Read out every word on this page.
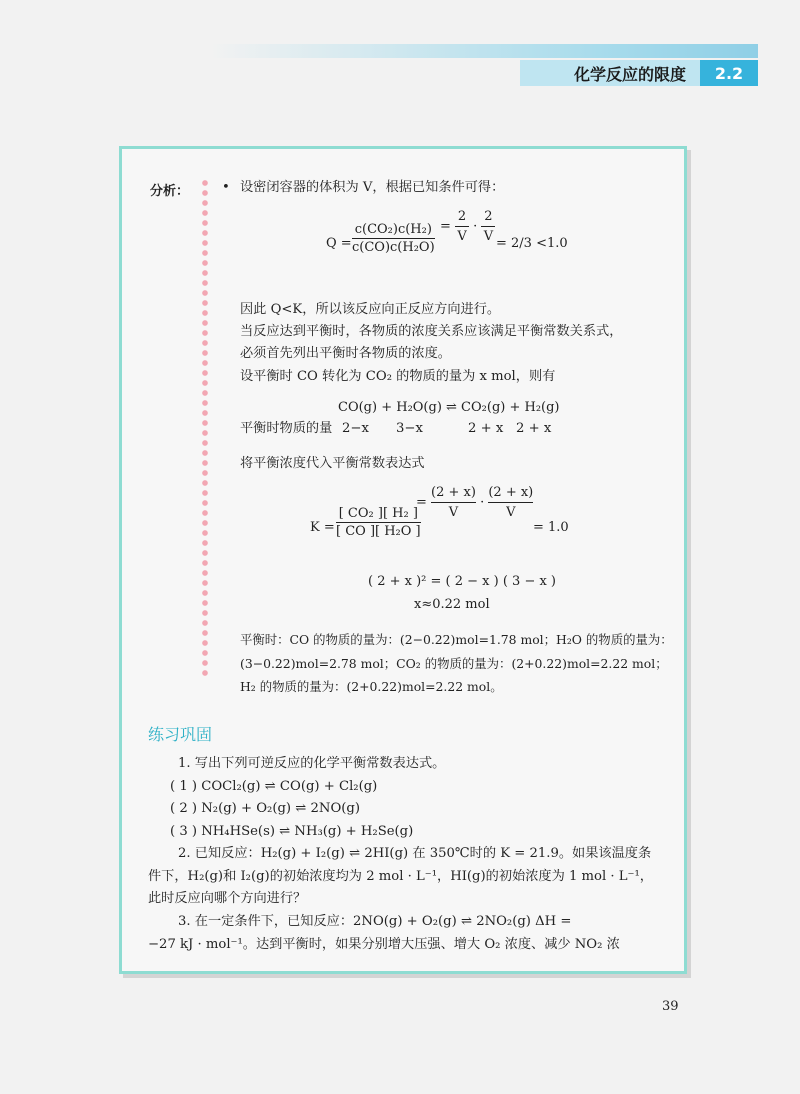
化学反应的限度	2.2
分析： • 设密闭容器的体积为 V，根据已知条件可得：
$Q = \frac{\text{c(CO₂)c(H₂)}}{\text{c(CO)c(H₂O)}} = \frac{2}{V} \cdot \frac{2}{V} = 2/3 <1.0$
因此 Q<K，所以该反应向正反应方向进行。
当反应达到平衡时，各物质的浓度关系应该满足平衡常数关系式，
必须首先列出平衡时各物质的浓度。
设平衡时 CO 转化为 CO₂ 的物质的量为 x mol，则有
CO(g) + H₂O(g) ⇌ CO₂(g) + H₂(g)
平衡时物质的量 2−x 3−x	2 + x 2 + x
将平衡浓度代入平衡常数表达式
$K = \frac{\text{[ CO₂ ][ H₂ ]}}{\text{[ CO ][ H₂O ]}}$
= $\frac{(2 + x)}{V} \cdot \frac{(2 + x)}{V}$
= 1.0
( 2 + x )² = ( 2 − x ) ( 3 − x )
x≈0.22 mol
平衡时：CO 的物质的量为：(2−0.22)mol=1.78 mol；H₂O 的物质的量为：
(3−0.22)mol=2.78 mol；CO₂ 的物质的量为：(2+0.22)mol=2.22 mol；
H₂ 的物质的量为：(2+0.22)mol=2.22 mol。
练习巩固
1. 写出下列可逆反应的化学平衡常数表达式。
( 1 ) COCl₂(g) ⇌ CO(g) + Cl₂(g)
( 2 ) N₂(g) + O₂(g) ⇌ 2NO(g)
( 3 ) NH₄HSe(s) ⇌ NH₃(g) + H₂Se(g)
2. 已知反应：H₂(g) + I₂(g) ⇌ 2HI(g) 在 350℃时的 K = 21.9。如果该温度条
件下，H₂(g)和 I₂(g)的初始浓度均为 2 mol · L⁻¹，HI(g)的初始浓度为 1 mol · L⁻¹，
此时反应向哪个方向进行？
3. 在一定条件下，已知反应：2NO(g) + O₂(g) ⇌ 2NO₂(g) ΔH =
−27 kJ · mol⁻¹。达到平衡时，如果分别增大压强、增大 O₂ 浓度、减少 NO₂ 浓
39
